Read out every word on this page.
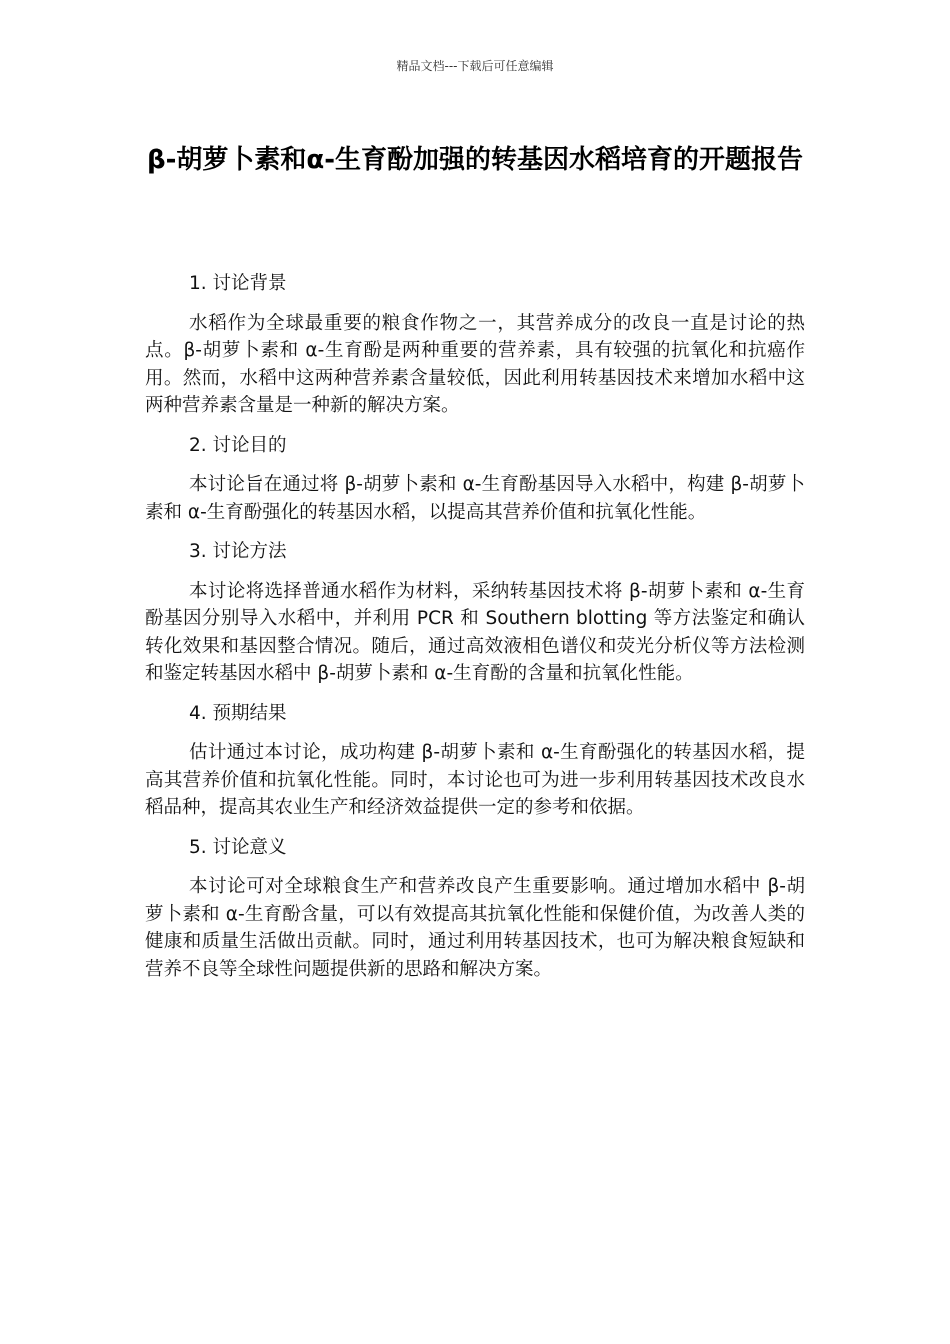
精品文档---下载后可任意编辑
β-胡萝卜素和α-生育酚加强的转基因水稻培育的开题报告
1. 讨论背景
水稻作为全球最重要的粮食作物之一，其营养成分的改良一直是讨论的热点。β-胡萝卜素和 α-生育酚是两种重要的营养素，具有较强的抗氧化和抗癌作用。然而，水稻中这两种营养素含量较低，因此利用转基因技术来增加水稻中这两种营养素含量是一种新的解决方案。
2. 讨论目的
本讨论旨在通过将 β-胡萝卜素和 α-生育酚基因导入水稻中，构建 β-胡萝卜素和 α-生育酚强化的转基因水稻，以提高其营养价值和抗氧化性能。
3. 讨论方法
本讨论将选择普通水稻作为材料，采纳转基因技术将 β-胡萝卜素和 α-生育酚基因分别导入水稻中，并利用 PCR 和 Southern blotting 等方法鉴定和确认转化效果和基因整合情况。随后，通过高效液相色谱仪和荧光分析仪等方法检测和鉴定转基因水稻中 β-胡萝卜素和 α-生育酚的含量和抗氧化性能。
4. 预期结果
估计通过本讨论，成功构建 β-胡萝卜素和 α-生育酚强化的转基因水稻，提高其营养价值和抗氧化性能。同时，本讨论也可为进一步利用转基因技术改良水稻品种，提高其农业生产和经济效益提供一定的参考和依据。
5. 讨论意义
本讨论可对全球粮食生产和营养改良产生重要影响。通过增加水稻中 β-胡萝卜素和 α-生育酚含量，可以有效提高其抗氧化性能和保健价值，为改善人类的健康和质量生活做出贡献。同时，通过利用转基因技术，也可为解决粮食短缺和营养不良等全球性问题提供新的思路和解决方案。
